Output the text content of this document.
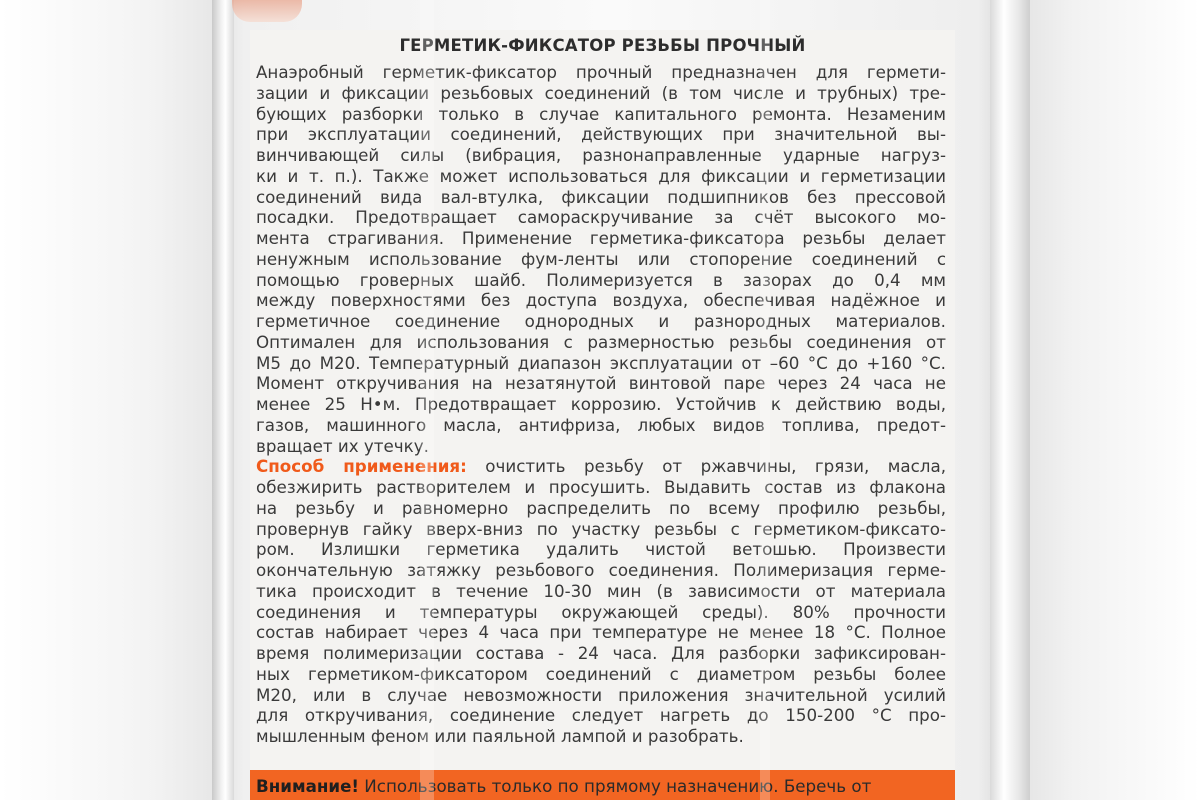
ГЕРМЕТИК-ФИКСАТОР РЕЗЬБЫ ПРОЧНЫЙ
Анаэробный герметик-фиксатор прочный предназначен для гермети-
зации и фиксации резьбовых соединений (в том числе и трубных) тре-
бующих разборки только в случае капитального ремонта. Незаменим
при эксплуатации соединений, действующих при значительной вы-
винчивающей силы (вибрация, разнонаправленные ударные нагруз-
ки и т. п.). Также может использоваться для фиксации и герметизации
соединений вида вал-втулка, фиксации подшипников без прессовой
посадки. Предотвращает самораскручивание за счёт высокого мо-
мента страгивания. Применение герметика-фиксатора резьбы делает
ненужным использование фум-ленты или стопорение соединений с
помощью гроверных шайб. Полимеризуется в зазорах до 0,4 мм
между поверхностями без доступа воздуха, обеспечивая надёжное и
герметичное соединение однородных и разнородных материалов.
Оптимален для использования с размерностью резьбы соединения от
М5 до М20. Температурный диапазон эксплуатации от –60 °С до +160 °С.
Момент откручивания на незатянутой винтовой паре через 24 часа не
менее 25 Н•м. Предотвращает коррозию. Устойчив к действию воды,
газов, машинного масла, антифриза, любых видов топлива, предот-
вращает их утечку.
Способ применения: очистить резьбу от ржавчины, грязи, масла,
обезжирить растворителем и просушить. Выдавить состав из флакона
на резьбу и равномерно распределить по всему профилю резьбы,
провернув гайку вверх-вниз по участку резьбы с герметиком-фиксато-
ром. Излишки герметика удалить чистой ветошью. Произвести
окончательную затяжку резьбового соединения. Полимеризация герме-
тика происходит в течение 10-30 мин (в зависимости от материала
соединения и температуры окружающей среды). 80% прочности
состав набирает через 4 часа при температуре не менее 18 °С. Полное
время полимеризации состава - 24 часа. Для разборки зафиксирован-
ных герметиком-фиксатором соединений с диаметром резьбы более
М20, или в случае невозможности приложения значительной усилий
для откручивания, соединение следует нагреть до 150-200 °С про-
мышленным феном или паяльной лампой и разобрать.
Внимание! Использовать только по прямому назначению. Беречь от
